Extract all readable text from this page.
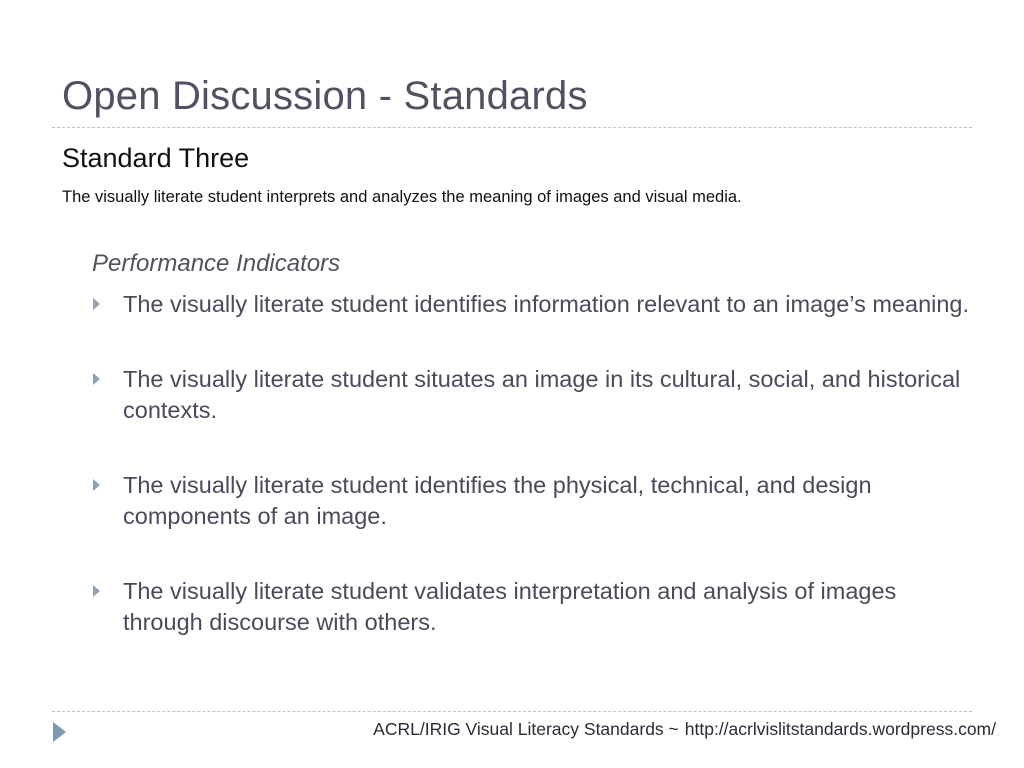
Open Discussion - Standards
Standard Three
The visually literate student interprets and analyzes the meaning of images and visual media.
Performance Indicators
The visually literate student identifies information relevant to an image’s meaning.
The visually literate student situates an image in its cultural, social, and historical contexts.
The visually literate student identifies the physical, technical, and design components of an image.
The visually literate student validates interpretation and analysis of images through discourse with others.
ACRL/IRIG Visual Literacy Standards ~ http://acrlvislitstandards.wordpress.com/
